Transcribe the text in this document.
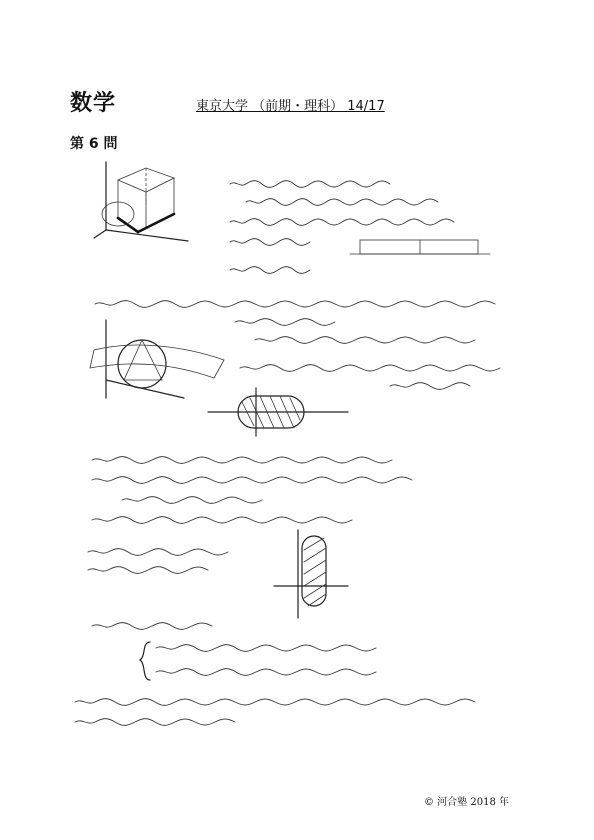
数学	東京大学 （前期・理科） 14/17
第 6 問
© 河合塾 2018 年
